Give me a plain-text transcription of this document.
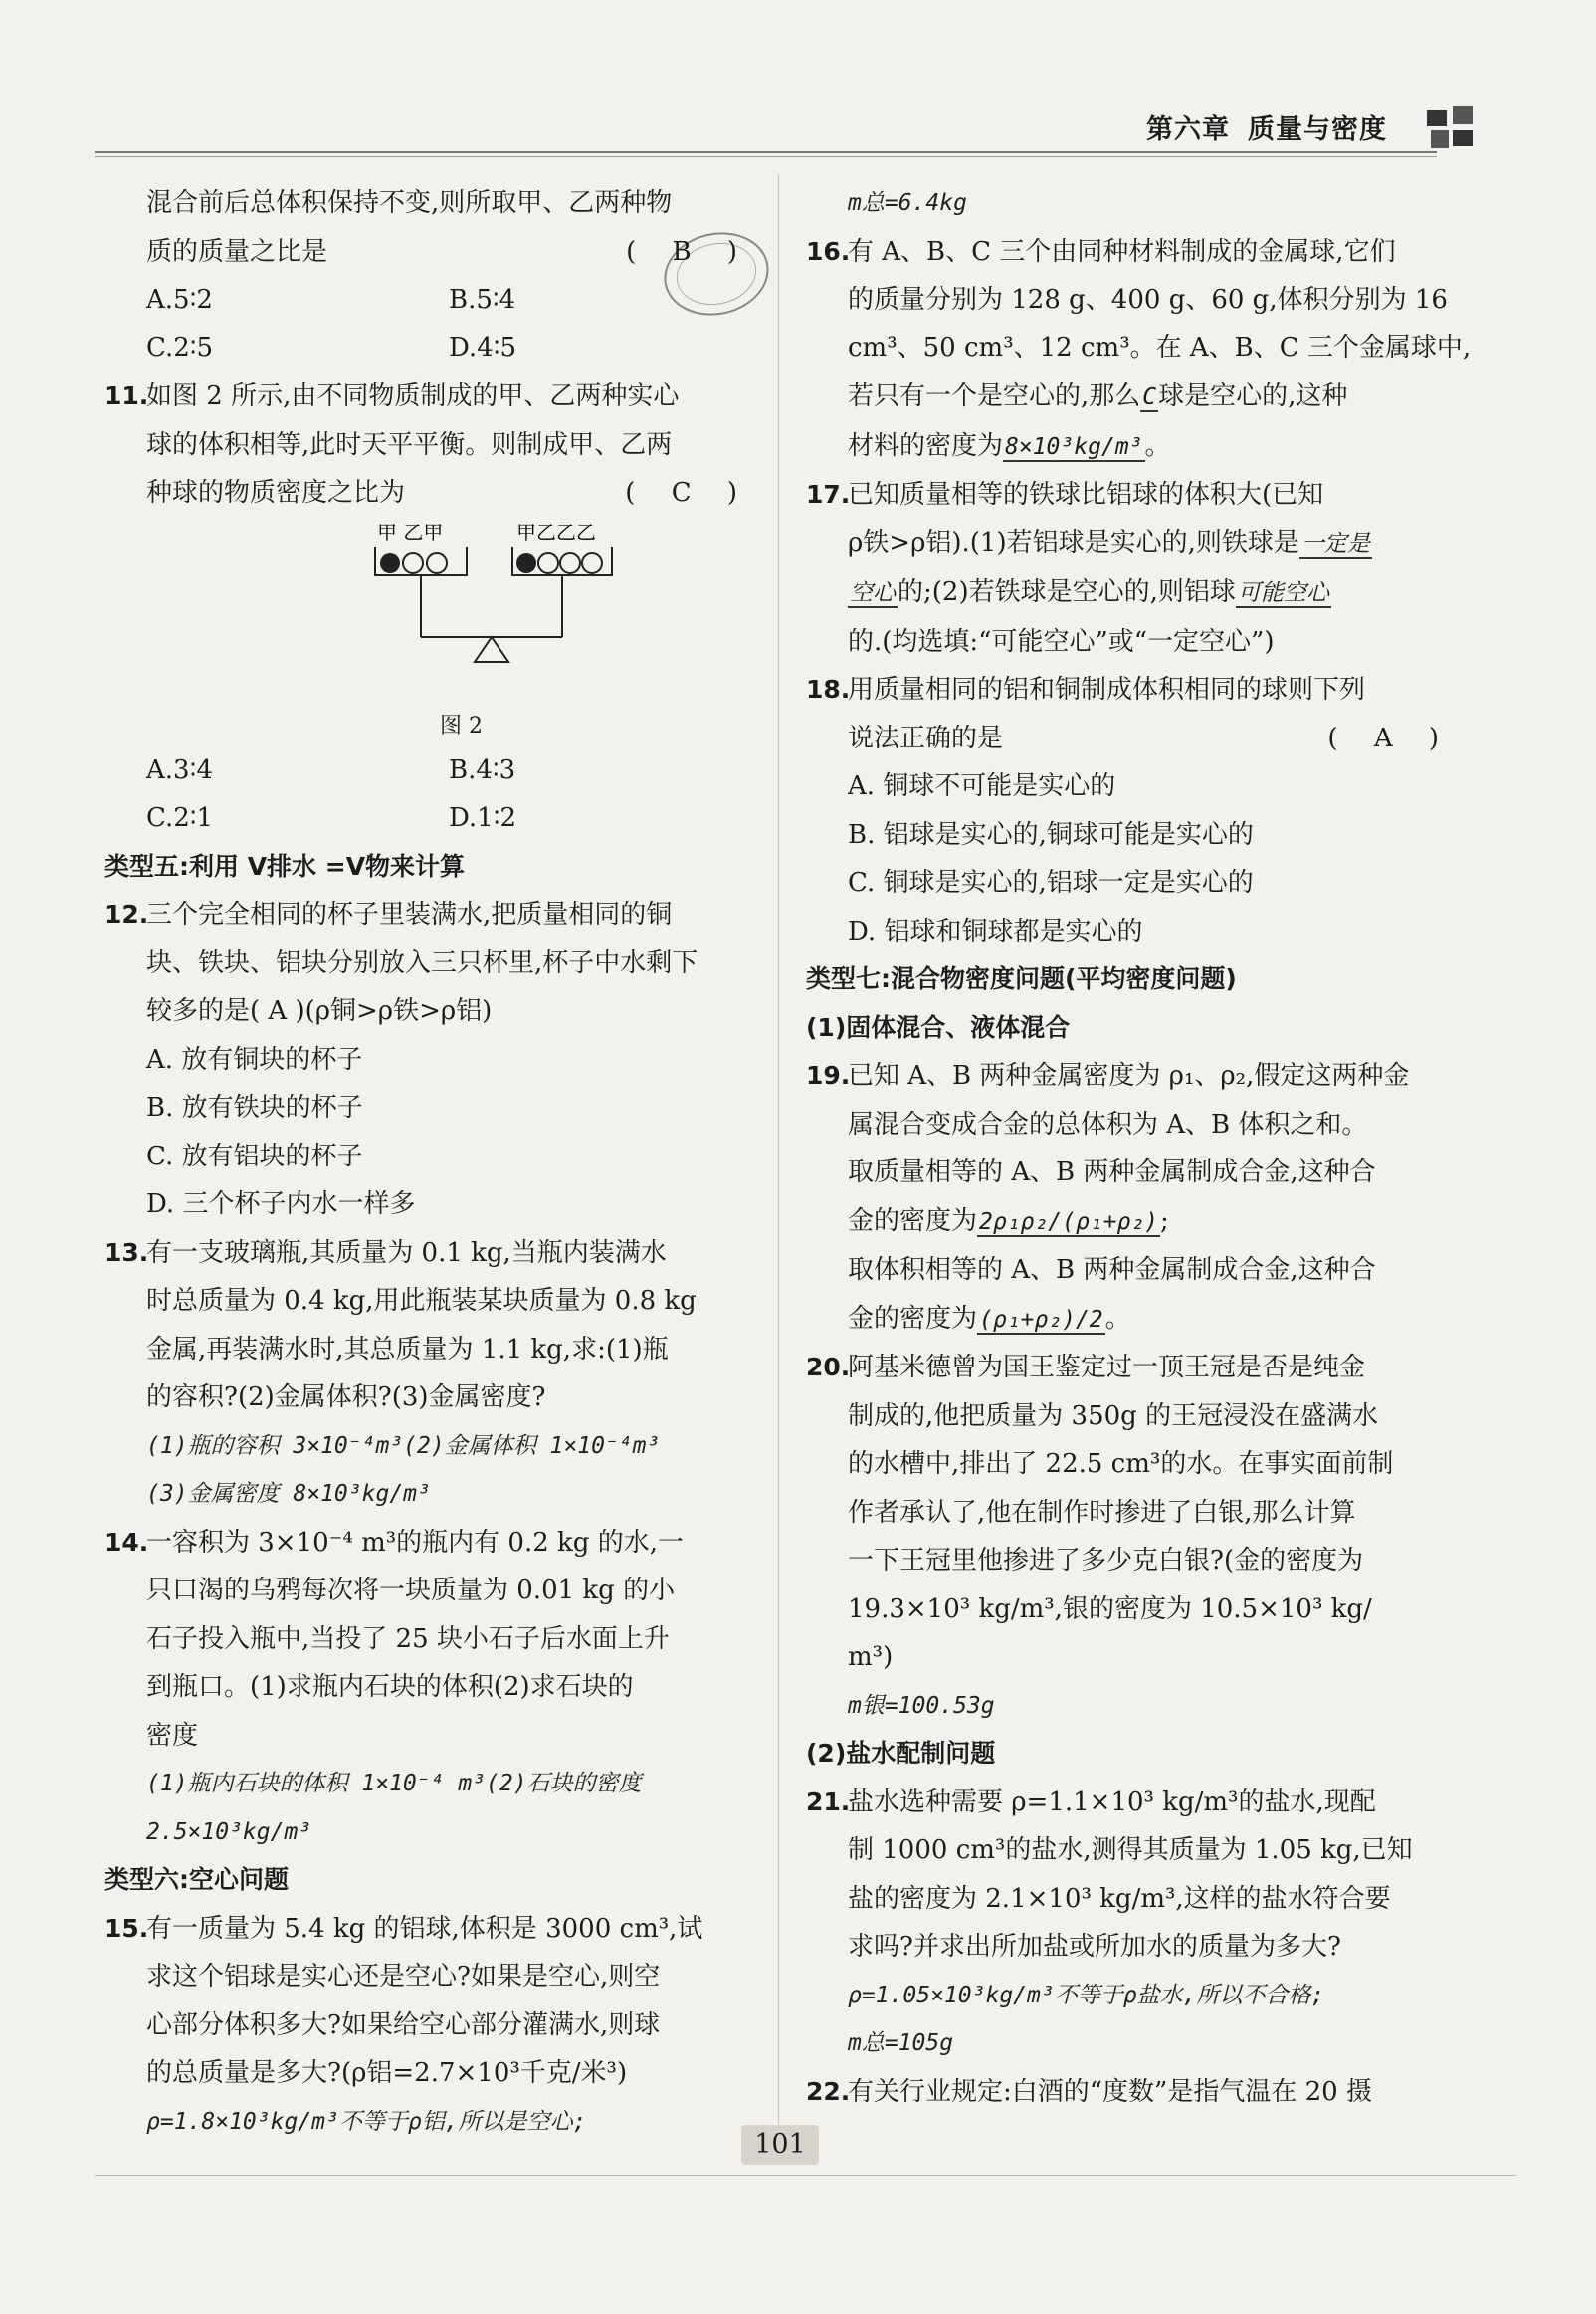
第六章 质量与密度
混合前后总体积保持不变,则所取甲、乙两种物
质的质量之比是	( B )
A.5∶2	B.5∶4
C.2∶5	D.4∶5
11.如图 2 所示,由不同物质制成的甲、乙两种实心
球的体积相等,此时天平平衡。则制成甲、乙两
种球的物质密度之比为	( C )
甲 乙甲	甲乙乙乙
图 2
A.3∶4	B.4∶3
C.2∶1	D.1∶2
类型五:利用 V排水 =V物来计算
12.三个完全相同的杯子里装满水,把质量相同的铜
块、铁块、铝块分别放入三只杯里,杯子中水剩下
较多的是( A )(ρ铜>ρ铁>ρ铝)
A. 放有铜块的杯子
B. 放有铁块的杯子
C. 放有铝块的杯子
D. 三个杯子内水一样多
13.有一支玻璃瓶,其质量为 0.1 kg,当瓶内装满水
时总质量为 0.4 kg,用此瓶装某块质量为 0.8 kg
金属,再装满水时,其总质量为 1.1 kg,求:(1)瓶
的容积?(2)金属体积?(3)金属密度?
(1)瓶的容积 3×10⁻⁴m³(2)金属体积 1×10⁻⁴m³
(3)金属密度 8×10³kg/m³
14.一容积为 3×10⁻⁴ m³的瓶内有 0.2 kg 的水,一
只口渴的乌鸦每次将一块质量为 0.01 kg 的小
石子投入瓶中,当投了 25 块小石子后水面上升
到瓶口。(1)求瓶内石块的体积(2)求石块的
密度
(1)瓶内石块的体积 1×10⁻⁴ m³(2)石块的密度
2.5×10³kg/m³
类型六:空心问题
15.有一质量为 5.4 kg 的铝球,体积是 3000 cm³,试
求这个铝球是实心还是空心?如果是空心,则空
心部分体积多大?如果给空心部分灌满水,则球
的总质量是多大?(ρ铝=2.7×10³千克/米³)
ρ=1.8×10³kg/m³不等于ρ铝,所以是空心;
m总=6.4kg
16.有 A、B、C 三个由同种材料制成的金属球,它们
的质量分别为 128 g、400 g、60 g,体积分别为 16
cm³、50 cm³、12 cm³。在 A、B、C 三个金属球中,
若只有一个是空心的,那么C球是空心的,这种
材料的密度为8×10³kg/m³。
17.已知质量相等的铁球比铝球的体积大(已知
ρ铁>ρ铝).(1)若铝球是实心的,则铁球是一定是
空心的;(2)若铁球是空心的,则铝球可能空心
的.(均选填:“可能空心”或“一定空心”)
18.用质量相同的铝和铜制成体积相同的球则下列
说法正确的是	( A )
A. 铜球不可能是实心的
B. 铝球是实心的,铜球可能是实心的
C. 铜球是实心的,铝球一定是实心的
D. 铝球和铜球都是实心的
类型七:混合物密度问题(平均密度问题)
(1)固体混合、液体混合
19.已知 A、B 两种金属密度为 ρ₁、ρ₂,假定这两种金
属混合变成合金的总体积为 A、B 体积之和。
取质量相等的 A、B 两种金属制成合金,这种合
金的密度为2ρ₁ρ₂/(ρ₁+ρ₂);
取体积相等的 A、B 两种金属制成合金,这种合
金的密度为(ρ₁+ρ₂)/2。
20.阿基米德曾为国王鉴定过一顶王冠是否是纯金
制成的,他把质量为 350g 的王冠浸没在盛满水
的水槽中,排出了 22.5 cm³的水。在事实面前制
作者承认了,他在制作时掺进了白银,那么计算
一下王冠里他掺进了多少克白银?(金的密度为
19.3×10³ kg/m³,银的密度为 10.5×10³ kg/
m³)
m银=100.53g
(2)盐水配制问题
21.盐水选种需要 ρ=1.1×10³ kg/m³的盐水,现配
制 1000 cm³的盐水,测得其质量为 1.05 kg,已知
盐的密度为 2.1×10³ kg/m³,这样的盐水符合要
求吗?并求出所加盐或所加水的质量为多大?
ρ=1.05×10³kg/m³不等于ρ盐水,所以不合格;
m总=105g
22.有关行业规定:白酒的“度数”是指气温在 20 摄
101
